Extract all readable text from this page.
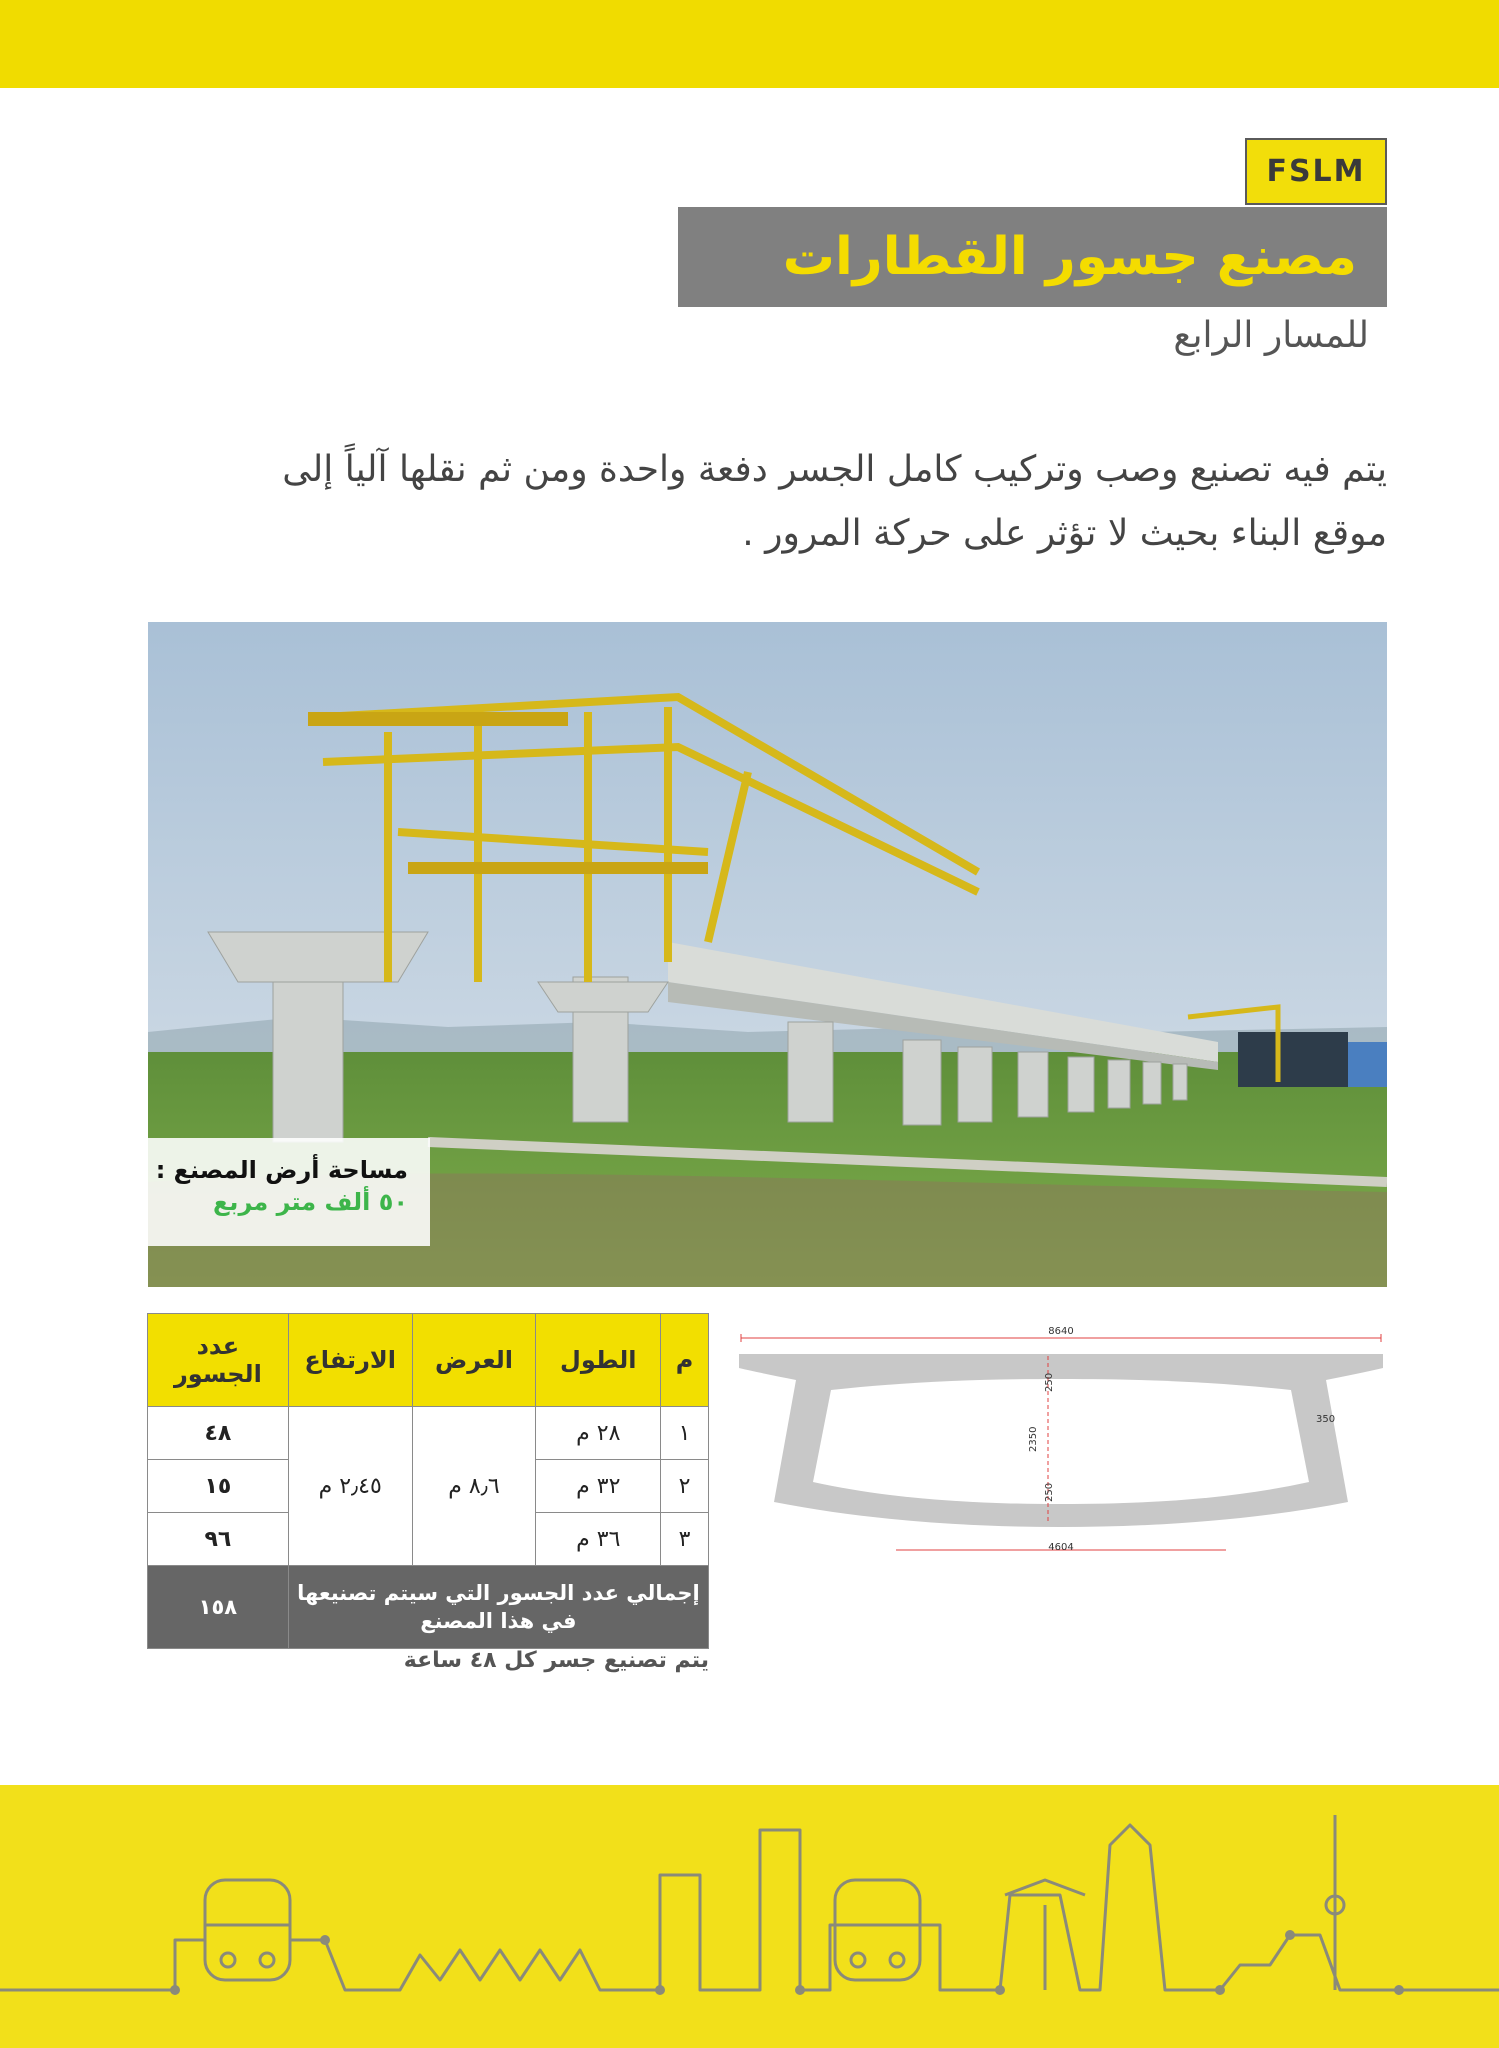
FSLM
مصنع جسور القطارات
للمسار الرابع
يتم فيه تصنيع وصب وتركيب كامل الجسر دفعة واحدة ومن ثم نقلها آلياً إلى
موقع البناء بحيث لا تؤثر على حركة المرور .
مساحة أرض المصنع :
٥٠ ألف متر مربع
م	الطول	العرض	الارتفاع	عدد الجسور
١	٢٨ م	٨٫٦ م	٢٫٤٥ م	٤٨
٢	٣٢ م			١٥
٣	٣٦ م			٩٦

إجمالي عدد الجسور التي سيتم تصنيعها
في هذا المصنع				١٥٨
يتم تصنيع جسر كل ٤٨ ساعة
8640
250
2350
250
350
4604
